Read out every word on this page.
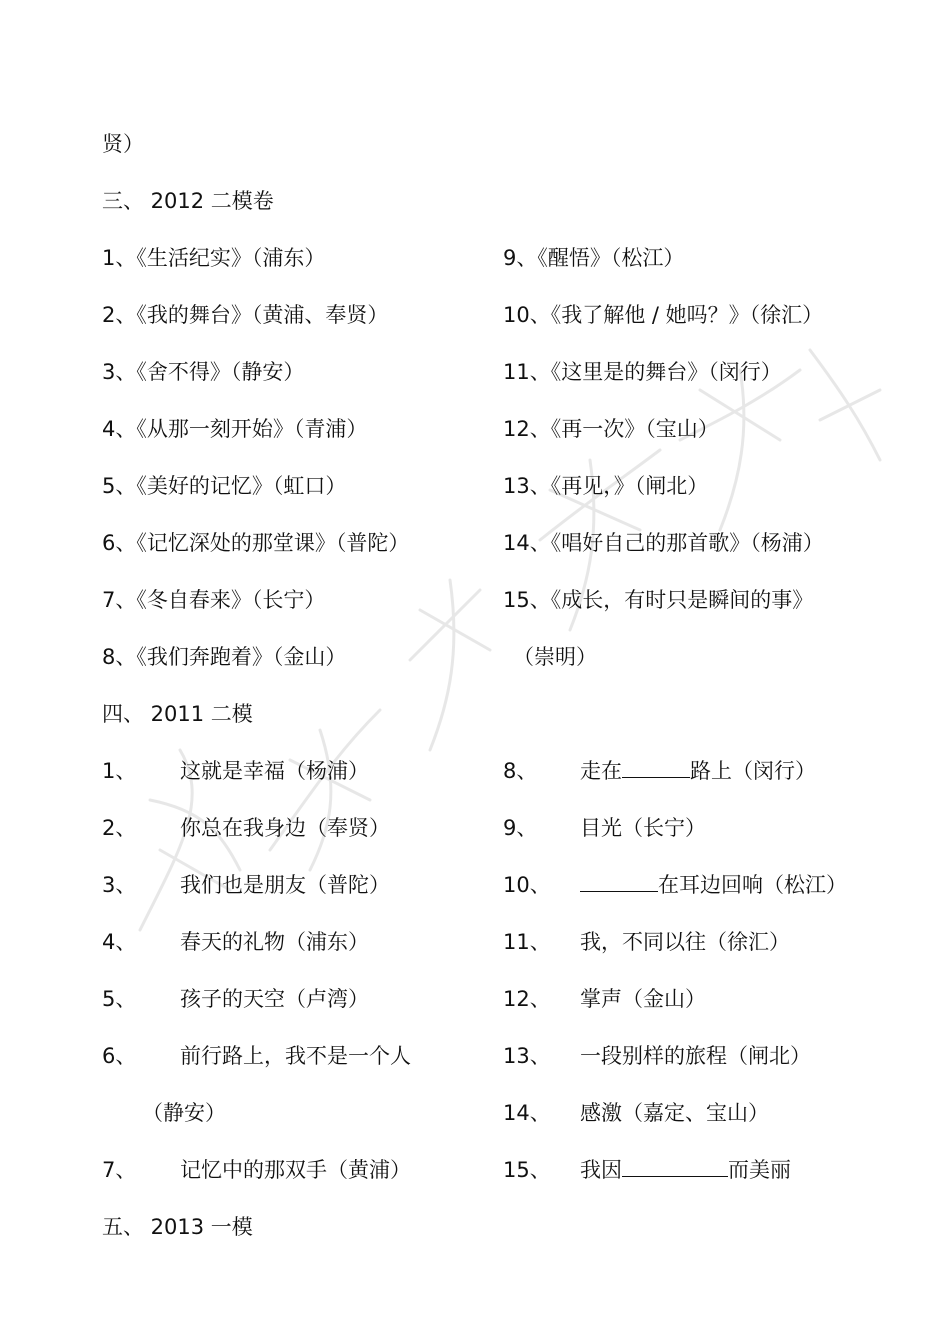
贤）
三、 2012 二模卷
1、《生活纪实》（浦东）
2、《我的舞台》（黄浦、奉贤）
3、《舍不得》（静安）
4、《从那一刻开始》（青浦）
5、《美好的记忆》（虹口）
6、《记忆深处的那堂课》（普陀）
7、《冬自春来》（长宁）
8、《我们奔跑着》（金山）
9、《醒悟》（松江）
10、《我了解他 / 她吗？》（徐汇）
11、《这里是的舞台》（闵行）
12、《再一次》（宝山）
13、《再见，》（闸北）
14、《唱好自己的那首歌》（杨浦）
15、《成长，有时只是瞬间的事》
（崇明）
四、 2011 二模
1、 这就是幸福（杨浦）
2、 你总在我身边（奉贤）
3、 我们也是朋友（普陀）
4、 春天的礼物（浦东）
5、 孩子的天空（卢湾）
6、 前行路上，我不是一个人
（静安）
7、 记忆中的那双手（黄浦）
8、 走在	路上（闵行）
9、 目光（长宁）
10、	在耳边回响（松江）
11、 我，不同以往（徐汇）
12、 掌声（金山）
13、 一段别样的旅程（闸北）
14、 感激（嘉定、宝山）
15、 我因	而美丽
五、 2013 一模
